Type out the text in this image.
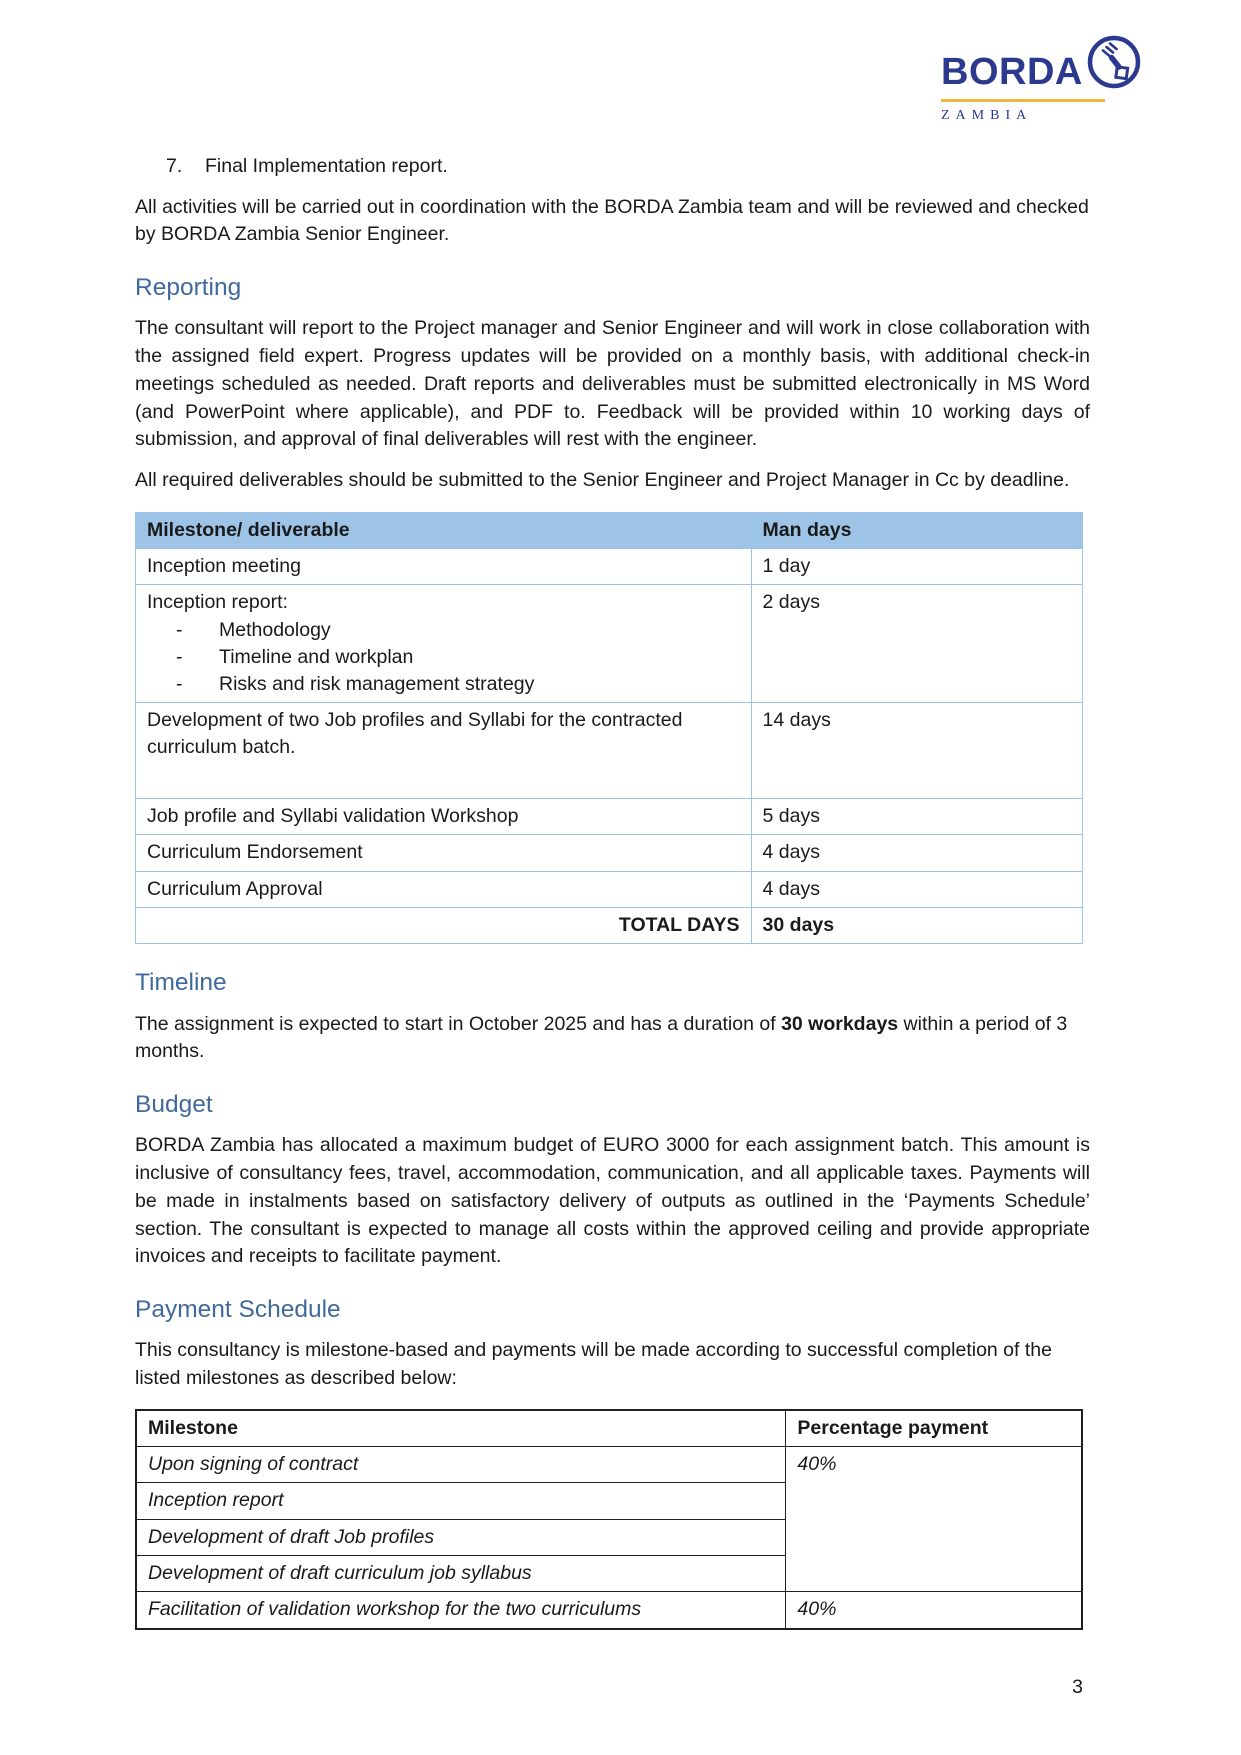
BORDA
ZAMBIA
7.	Final Implementation report.

All activities will be carried out in coordination with the BORDA Zambia team and will be reviewed and checked by BORDA Zambia Senior Engineer.

Reporting

The consultant will report to the Project manager and Senior Engineer and will work in close collaboration with the assigned field expert. Progress updates will be provided on a monthly basis, with additional check-in meetings scheduled as needed. Draft reports and deliverables must be submitted electronically in MS Word (and PowerPoint where applicable), and PDF to. Feedback will be provided within 10 working days of submission, and approval of final deliverables will rest with the engineer.

All required deliverables should be submitted to the Senior Engineer and Project Manager in Cc by deadline.

Milestone/ deliverable	Man days
Inception meeting	1 day

Inception report:
-	Methodology
-	Timeline and workplan
-	Risks and risk management strategy
	2 days
Development of two Job profiles and Syllabi for the contracted curriculum batch.	14 days
Job profile and Syllabi validation Workshop	5 days
Curriculum Endorsement	4 days
Curriculum Approval	4 days
TOTAL DAYS	30 days
Timeline

The assignment is expected to start in October 2025 and has a duration of 30 workdays within a period of 3 months.

Budget

BORDA Zambia has allocated a maximum budget of EURO 3000 for each assignment batch. This amount is inclusive of consultancy fees, travel, accommodation, communication, and all applicable taxes. Payments will be made in instalments based on satisfactory delivery of outputs as outlined in the ‘Payments Schedule’ section. The consultant is expected to manage all costs within the approved ceiling and provide appropriate invoices and receipts to facilitate payment.

Payment Schedule

This consultancy is milestone-based and payments will be made according to successful completion of the listed milestones as described below:

Milestone	Percentage payment
Upon signing of contract	40%
Inception report	
Development of draft Job profiles	
Development of draft curriculum job syllabus	
Facilitation of validation workshop for the two curriculums	40%
3
